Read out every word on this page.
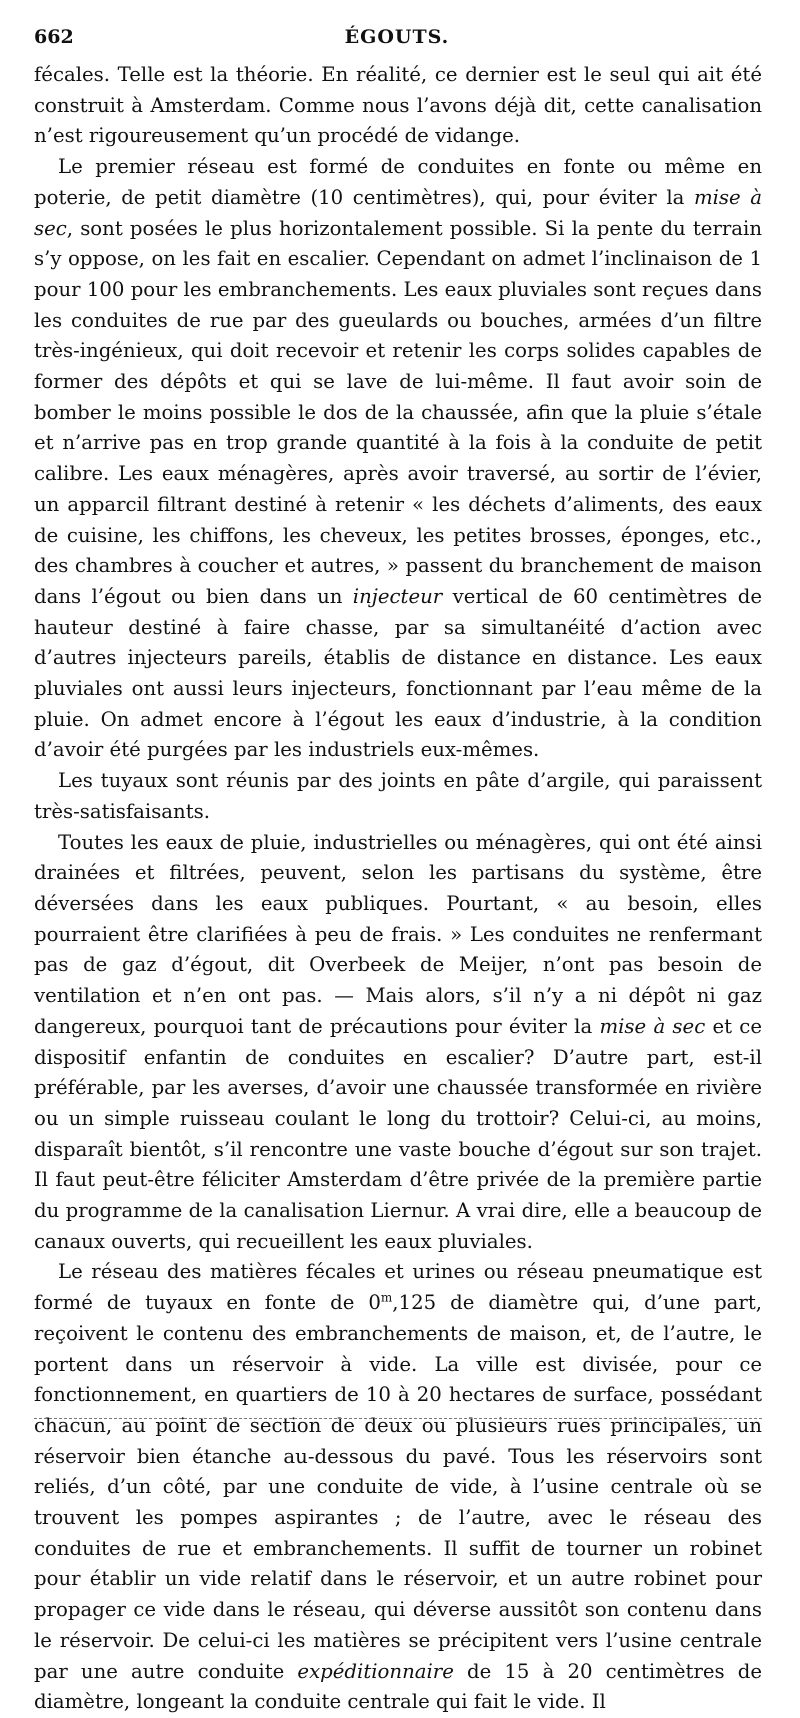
662	ÉGOUTS.

fécales. Telle est la théorie. En réalité, ce dernier est le seul qui ait été construit à Amsterdam. Comme nous l’avons déjà dit, cette canalisation n’est rigoureusement qu’un procédé de vidange.

Le premier réseau est formé de conduites en fonte ou même en poterie, de petit diamètre (10 centimètres), qui, pour éviter la mise à sec, sont posées le plus horizontalement possible. Si la pente du terrain s’y oppose, on les fait en escalier. Cependant on admet l’inclinaison de 1 pour 100 pour les embranchements. Les eaux pluviales sont reçues dans les conduites de rue par des gueulards ou bouches, armées d’un filtre très-ingénieux, qui doit recevoir et retenir les corps solides capables de former des dépôts et qui se lave de lui-même. Il faut avoir soin de bomber le moins possible le dos de la chaussée, afin que la pluie s’étale et n’arrive pas en trop grande quantité à la fois à la conduite de petit calibre. Les eaux ménagères, après avoir traversé, au sortir de l’évier, un apparcil filtrant destiné à retenir « les déchets d’aliments, des eaux de cuisine, les chiffons, les cheveux, les petites brosses, éponges, etc., des chambres à coucher et autres, » passent du branchement de maison dans l’égout ou bien dans un injecteur vertical de 60 centimètres de hauteur destiné à faire chasse, par sa simultanéité d’action avec d’autres injecteurs pareils, établis de distance en distance. Les eaux pluviales ont aussi leurs injecteurs, fonctionnant par l’eau même de la pluie. On admet encore à l’égout les eaux d’industrie, à la condition d’avoir été purgées par les industriels eux-mêmes.

Les tuyaux sont réunis par des joints en pâte d’argile, qui paraissent très-satisfaisants.

Toutes les eaux de pluie, industrielles ou ménagères, qui ont été ainsi drainées et filtrées, peuvent, selon les partisans du système, être déversées dans les eaux publiques. Pourtant, « au besoin, elles pourraient être clarifiées à peu de frais. » Les conduites ne renfermant pas de gaz d’égout, dit Overbeek de Meijer, n’ont pas besoin de ventilation et n’en ont pas. — Mais alors, s’il n’y a ni dépôt ni gaz dangereux, pourquoi tant de précautions pour éviter la mise à sec et ce dispositif enfantin de conduites en escalier? D’autre part, est-il préférable, par les averses, d’avoir une chaussée transformée en rivière ou un simple ruisseau coulant le long du trottoir? Celui-ci, au moins, disparaît bientôt, s’il rencontre une vaste bouche d’égout sur son trajet. Il faut peut-être féliciter Amsterdam d’être privée de la première partie du programme de la canalisation Liernur. A vrai dire, elle a beaucoup de canaux ouverts, qui recueillent les eaux pluviales.

Le réseau des matières fécales et urines ou réseau pneumatique est formé de tuyaux en fonte de 0$^m$,125 de diamètre qui, d’une part, reçoivent le contenu des embranchements de maison, et, de l’autre, le portent dans un réservoir à vide. La ville est divisée, pour ce fonctionnement, en quartiers de 10 à 20 hectares de surface, possédant chacun, au point de section de deux ou plusieurs rues principales, un réservoir bien étanche au-dessous du pavé. Tous les réservoirs sont reliés, d’un côté, par une conduite de vide, à l’usine centrale où se trouvent les pompes aspirantes ; de l’autre, avec le réseau des conduites de rue et embranchements. Il suffit de tourner un robinet pour établir un vide relatif dans le réservoir, et un autre robinet pour propager ce vide dans le réseau, qui déverse aussitôt son contenu dans le réservoir. De celui-ci les matières se précipitent vers l’usine centrale par une autre conduite expéditionnaire de 15 à 20 centimètres de diamètre, longeant la conduite centrale qui fait le vide. Il
